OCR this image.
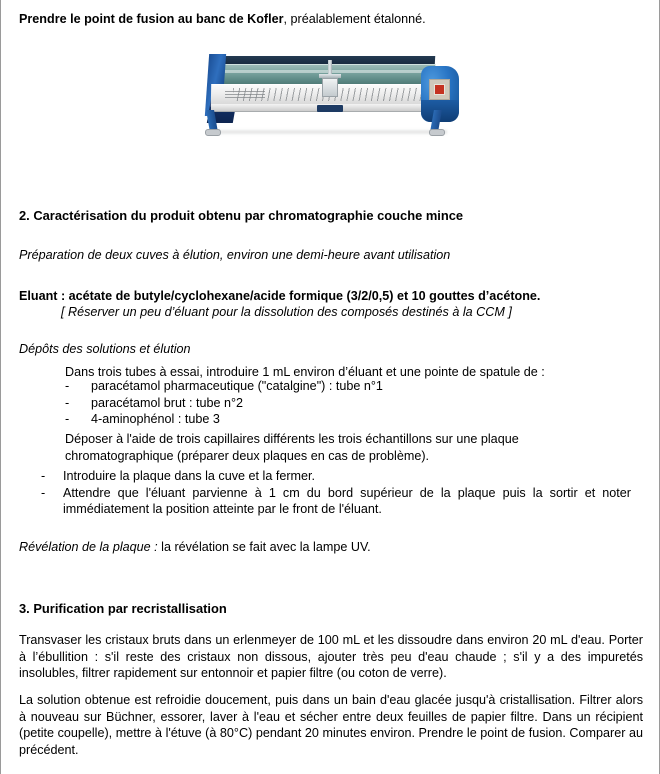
Prendre le point de fusion au banc de Kofler, préalablement étalonné.
2. Caractérisation du produit obtenu par chromatographie couche mince
Préparation de deux cuves à élution, environ une demi-heure avant utilisation
Eluant : acétate de butyle/cyclohexane/acide formique (3/2/0,5) et 10 gouttes d’acétone.
[ Réserver un peu d’éluant pour la dissolution des composés destinés à la CCM ]
Dépôts des solutions et élution
Dans trois tubes à essai, introduire 1 mL environ d’éluant et une pointe de spatule de :
- paracétamol pharmaceutique ("catalgine") : tube n°1
- paracétamol brut : tube n°2
- 4-aminophénol : tube 3
Déposer à l'aide de trois capillaires différents les trois échantillons sur une plaque chromatographique (préparer deux plaques en cas de problème).
- Introduire la plaque dans la cuve et la fermer.
- Attendre que l'éluant parvienne à 1 cm du bord supérieur de la plaque puis la sortir et noter immédiatement la position atteinte par le front de l'éluant.
Révélation de la plaque : la révélation se fait avec la lampe UV.
3. Purification par recristallisation
Transvaser les cristaux bruts dans un erlenmeyer de 100 mL et les dissoudre dans environ 20 mL d'eau. Porter à l’ébullition : s'il reste des cristaux non dissous, ajouter très peu d'eau chaude ; s'il y a des impuretés insolubles, filtrer rapidement sur entonnoir et papier filtre (ou coton de verre).
La solution obtenue est refroidie doucement, puis dans un bain d'eau glacée jusqu'à cristallisation. Filtrer alors à nouveau sur Büchner, essorer, laver à l'eau et sécher entre deux feuilles de papier filtre. Dans un récipient (petite coupelle), mettre à l'étuve (à 80°C) pendant 20 minutes environ. Prendre le point de fusion. Comparer au précédent.
